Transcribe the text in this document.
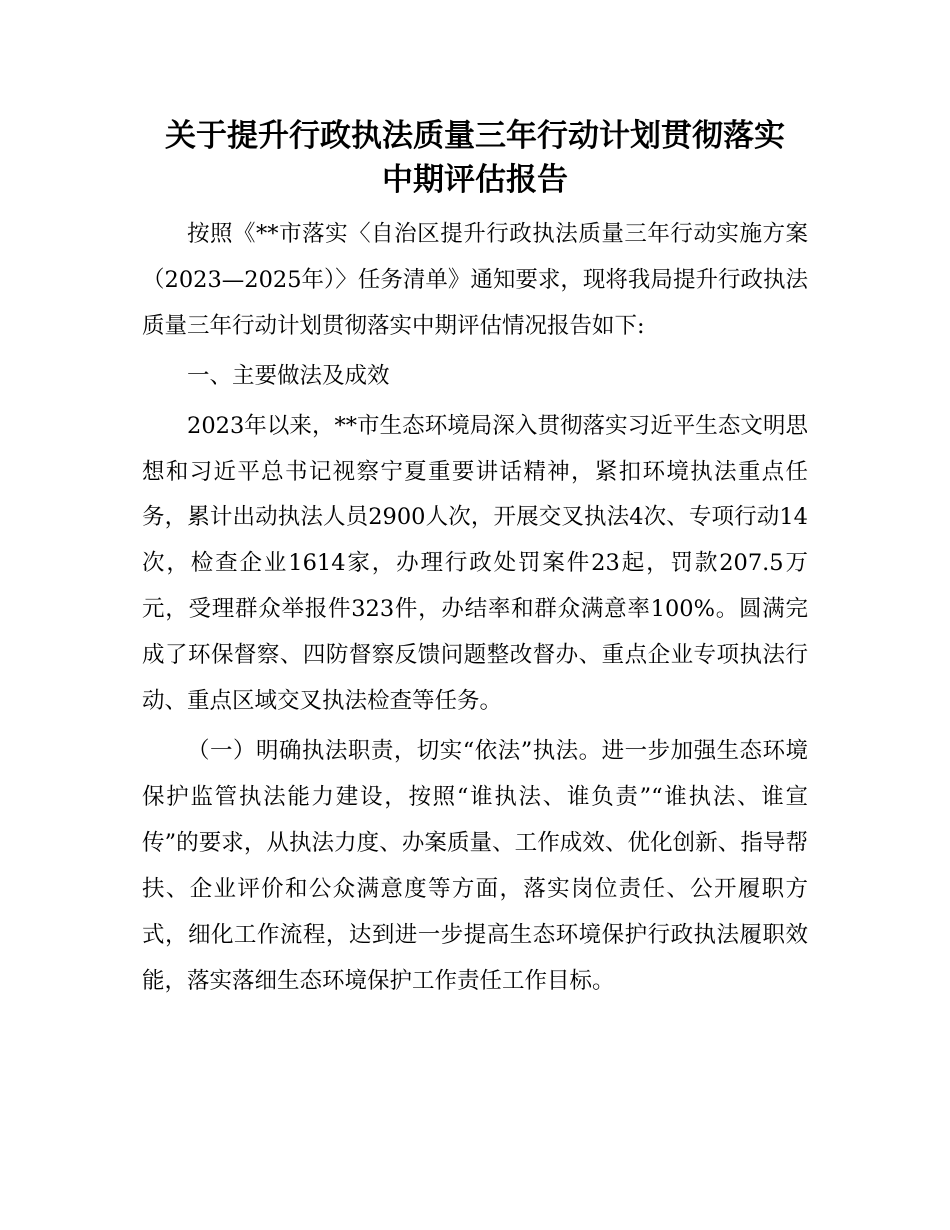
关于提升行政执法质量三年行动计划贯彻落实
中期评估报告

按照《**市落实〈自治区提升行政执法质量三年行动实施方案（2023—2025年）〉任务清单》通知要求，现将我局提升行政执法质量三年行动计划贯彻落实中期评估情况报告如下:

一、主要做法及成效

2023年以来，**市生态环境局深入贯彻落实习近平生态文明思想和习近平总书记视察宁夏重要讲话精神，紧扣环境执法重点任务，累计出动执法人员2900人次，开展交叉执法4次、专项行动14次，检查企业1614家，办理行政处罚案件23起，罚款207.5万元，受理群众举报件323件，办结率和群众满意率100%。圆满完成了环保督察、四防督察反馈问题整改督办、重点企业专项执法行动、重点区域交叉执法检查等任务。

（一）明确执法职责，切实“依法”执法。进一步加强生态环境保护监管执法能力建设，按照“谁执法、谁负责”“谁执法、谁宣传”的要求，从执法力度、办案质量、工作成效、优化创新、指导帮扶、企业评价和公众满意度等方面，落实岗位责任、公开履职方式，细化工作流程，达到进一步提高生态环境保护行政执法履职效能，落实落细生态环境保护工作责任工作目标。
